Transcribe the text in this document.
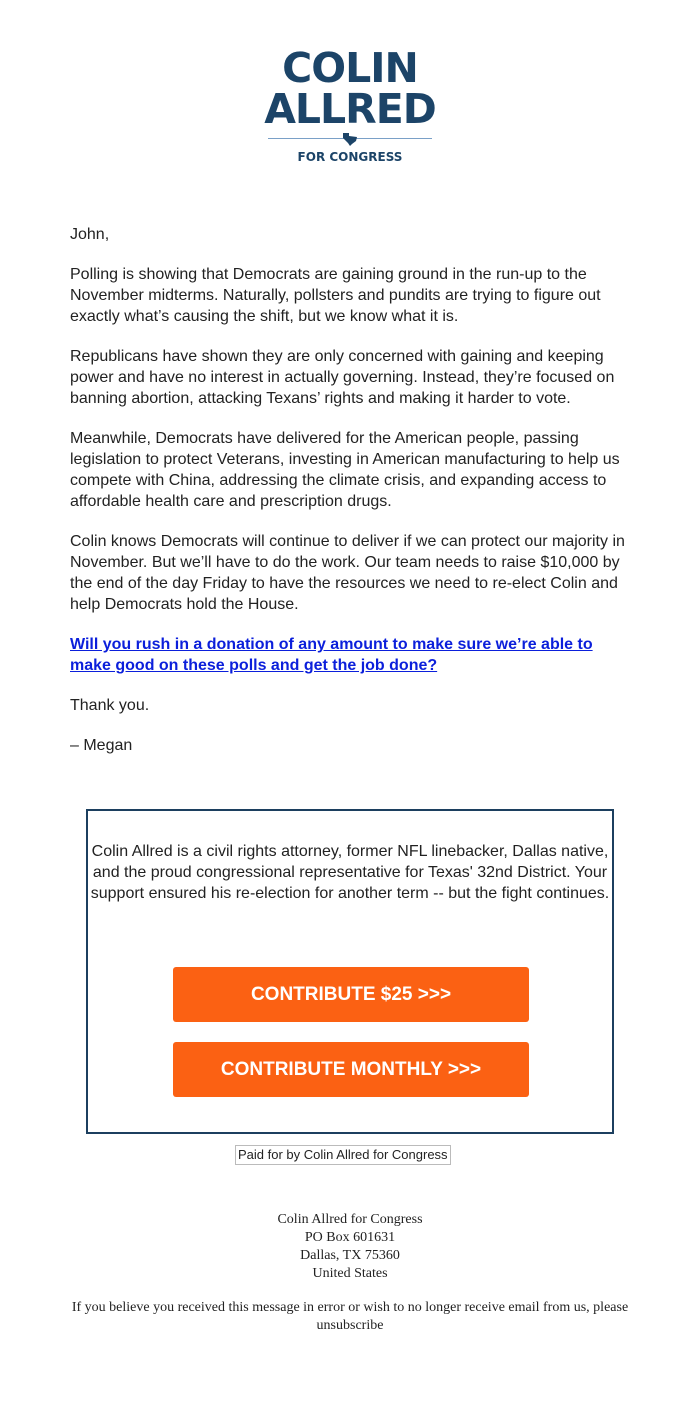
COLIN
ALLRED
FOR CONGRESS

John,

Polling is showing that Democrats are gaining ground in the run-up to the November midterms. Naturally, pollsters and pundits are trying to figure out exactly what’s causing the shift, but we know what it is.

Republicans have shown they are only concerned with gaining and keeping power and have no interest in actually governing. Instead, they’re focused on banning abortion, attacking Texans’ rights and making it harder to vote.

Meanwhile, Democrats have delivered for the American people, passing legislation to protect Veterans, investing in American manufacturing to help us compete with China, addressing the climate crisis, and expanding access to affordable health care and prescription drugs.

Colin knows Democrats will continue to deliver if we can protect our majority in November. But we’ll have to do the work. Our team needs to raise $10,000 by the end of the day Friday to have the resources we need to re-elect Colin and help Democrats hold the House.

Will you rush in a donation of any amount to make sure we’re able to make good on these polls and get the job done?

Thank you.

– Megan

Colin Allred is a civil rights attorney, former NFL linebacker, Dallas native, and the proud congressional representative for Texas' 32nd District. Your support ensured his re-election for another term -- but the fight continues.
CONTRIBUTE $25 >>>
CONTRIBUTE MONTHLY >>>
Paid for by Colin Allred for Congress
Colin Allred for Congress
PO Box 601631
Dallas, TX 75360
United States
If you believe you received this message in error or wish to no longer receive email from us, please unsubscribe
